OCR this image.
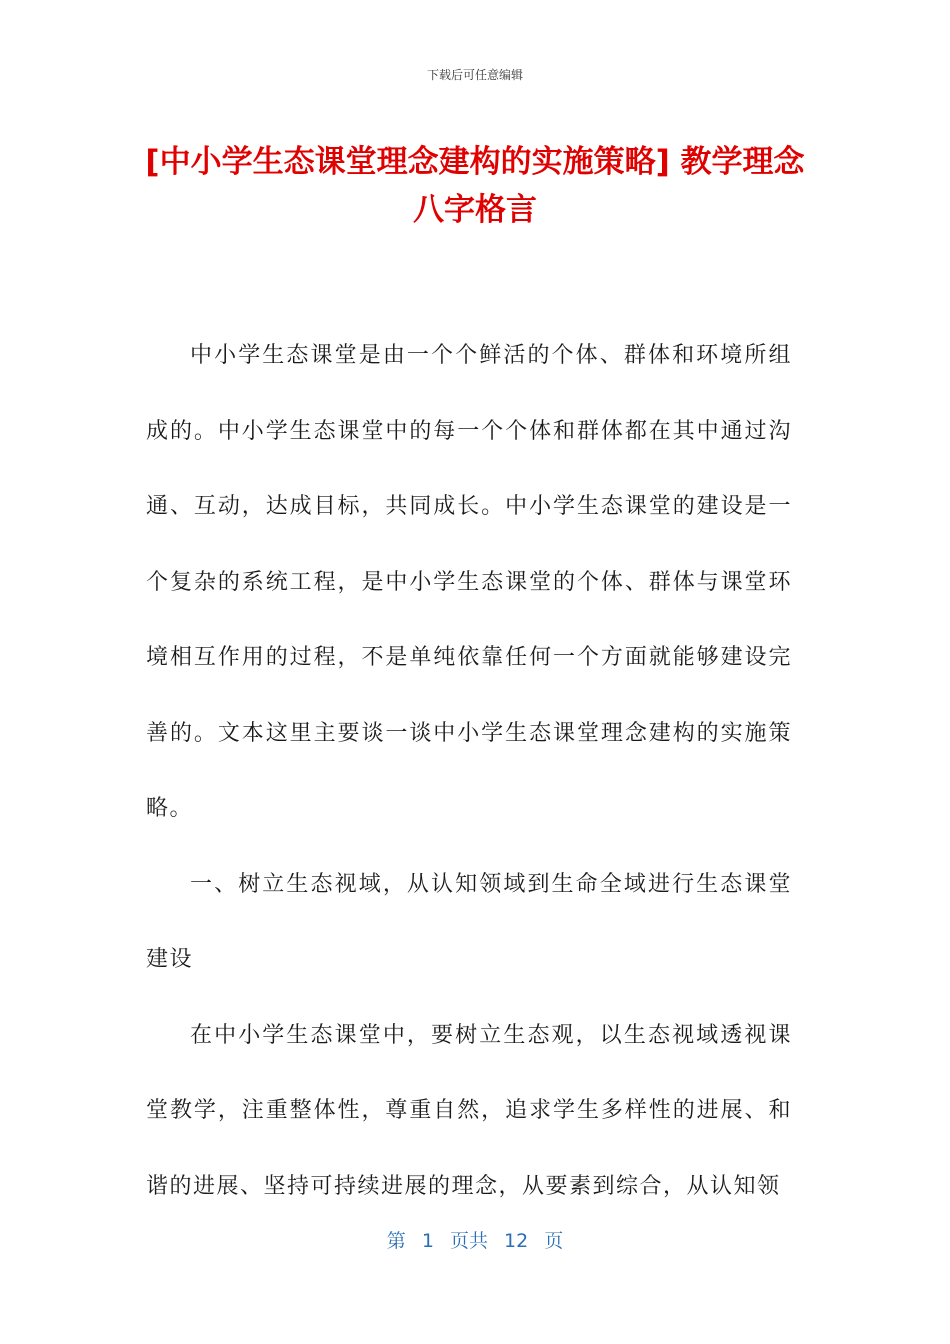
下载后可任意编辑
[中小学生态课堂理念建构的实施策略] 教学理念八字格言

中小学生态课堂是由一个个鲜活的个体、群体和环境所组成的。中小学生态课堂中的每一个个体和群体都在其中通过沟通、互动，达成目标，共同成长。中小学生态课堂的建设是一个复杂的系统工程，是中小学生态课堂的个体、群体与课堂环境相互作用的过程，不是单纯依靠任何一个方面就能够建设完善的。文本这里主要谈一谈中小学生态课堂理念建构的实施策略。

一、树立生态视域，从认知领域到生命全域进行生态课堂建设

在中小学生态课堂中，要树立生态观，以生态视域透视课堂教学，注重整体性，尊重自然，追求学生多样性的进展、和谐的进展、坚持可持续进展的理念，从要素到综合，从认知领

第 1 页共 12 页
